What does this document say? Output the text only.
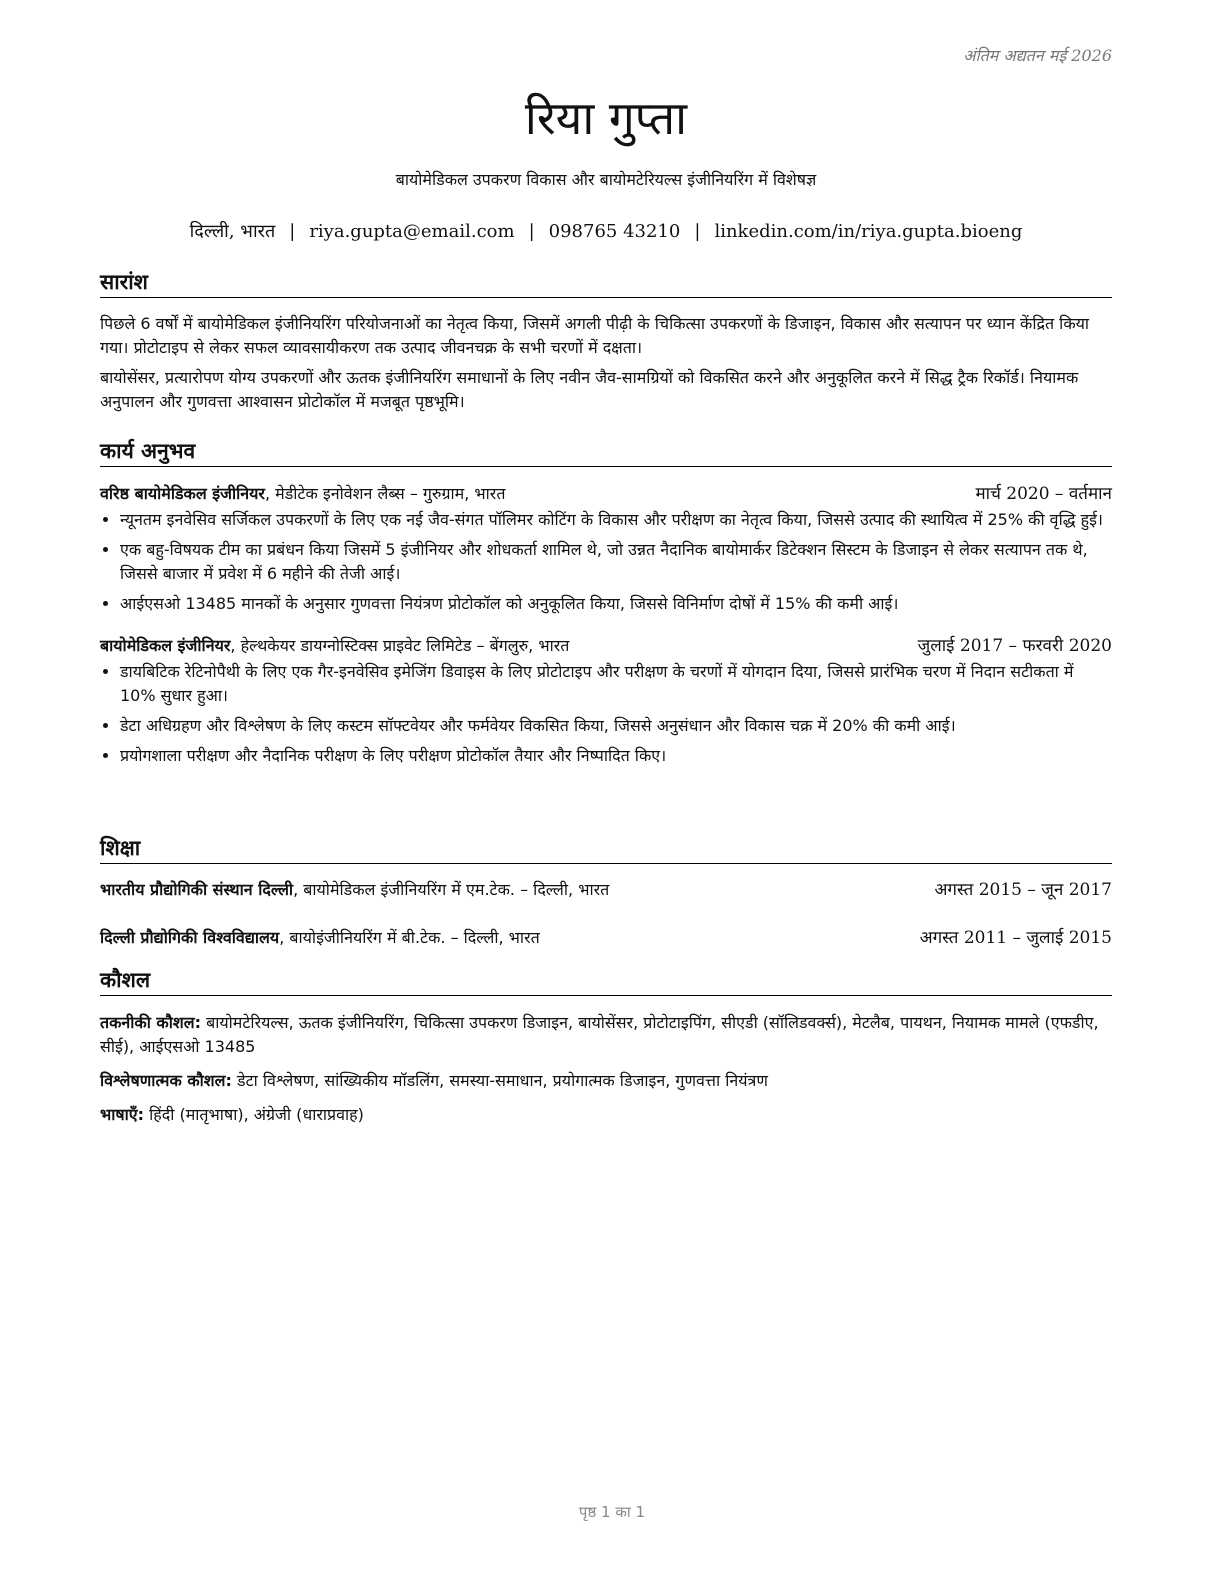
अंतिम अद्यतन मई 2026
रिया गुप्ता
बायोमेडिकल उपकरण विकास और बायोमटेरियल्स इंजीनियरिंग में विशेषज्ञ
दिल्ली, भारत | riya.gupta@email.com | 098765 43210 | linkedin.com/in/riya.gupta.bioeng
सारांश

पिछले 6 वर्षों में बायोमेडिकल इंजीनियरिंग परियोजनाओं का नेतृत्व किया, जिसमें अगली पीढ़ी के चिकित्सा उपकरणों के डिजाइन, विकास और सत्यापन पर ध्यान केंद्रित किया गया। प्रोटोटाइप से लेकर सफल व्यावसायीकरण तक उत्पाद जीवनचक्र के सभी चरणों में दक्षता।

बायोसेंसर, प्रत्यारोपण योग्य उपकरणों और ऊतक इंजीनियरिंग समाधानों के लिए नवीन जैव-सामग्रियों को विकसित करने और अनुकूलित करने में सिद्ध ट्रैक रिकॉर्ड। नियामक अनुपालन और गुणवत्ता आश्वासन प्रोटोकॉल में मजबूत पृष्ठभूमि।

कार्य अनुभव
वरिष्ठ बायोमेडिकल इंजीनियर, मेडीटेक इनोवेशन लैब्स – गुरुग्राम, भारत	मार्च 2020 – वर्तमान
• न्यूनतम इनवेसिव सर्जिकल उपकरणों के लिए एक नई जैव-संगत पॉलिमर कोटिंग के विकास और परीक्षण का नेतृत्व किया, जिससे उत्पाद की स्थायित्व में 25% की वृद्धि हुई।
• एक बहु-विषयक टीम का प्रबंधन किया जिसमें 5 इंजीनियर और शोधकर्ता शामिल थे, जो उन्नत नैदानिक बायोमार्कर डिटेक्शन सिस्टम के डिजाइन से लेकर सत्यापन तक थे, जिससे बाजार में प्रवेश में 6 महीने की तेजी आई।
• आईएसओ 13485 मानकों के अनुसार गुणवत्ता नियंत्रण प्रोटोकॉल को अनुकूलित किया, जिससे विनिर्माण दोषों में 15% की कमी आई।
बायोमेडिकल इंजीनियर, हेल्थकेयर डायग्नोस्टिक्स प्राइवेट लिमिटेड – बेंगलुरु, भारत	जुलाई 2017 – फरवरी 2020
• डायबिटिक रेटिनोपैथी के लिए एक गैर-इनवेसिव इमेजिंग डिवाइस के लिए प्रोटोटाइप और परीक्षण के चरणों में योगदान दिया, जिससे प्रारंभिक चरण में निदान सटीकता में 10% सुधार हुआ।
• डेटा अधिग्रहण और विश्लेषण के लिए कस्टम सॉफ्टवेयर और फर्मवेयर विकसित किया, जिससे अनुसंधान और विकास चक्र में 20% की कमी आई।
• प्रयोगशाला परीक्षण और नैदानिक परीक्षण के लिए परीक्षण प्रोटोकॉल तैयार और निष्पादित किए।
शिक्षा
भारतीय प्रौद्योगिकी संस्थान दिल्ली, बायोमेडिकल इंजीनियरिंग में एम.टेक. – दिल्ली, भारत	अगस्त 2015 – जून 2017
दिल्ली प्रौद्योगिकी विश्वविद्यालय, बायोइंजीनियरिंग में बी.टेक. – दिल्ली, भारत	अगस्त 2011 – जुलाई 2015
कौशल

तकनीकी कौशल: बायोमटेरियल्स, ऊतक इंजीनियरिंग, चिकित्सा उपकरण डिजाइन, बायोसेंसर, प्रोटोटाइपिंग, सीएडी (सॉलिडवर्क्स), मेटलैब, पायथन, नियामक मामले (एफडीए, सीई), आईएसओ 13485

विश्लेषणात्मक कौशल: डेटा विश्लेषण, सांख्यिकीय मॉडलिंग, समस्या-समाधान, प्रयोगात्मक डिजाइन, गुणवत्ता नियंत्रण

भाषाएँ: हिंदी (मातृभाषा), अंग्रेजी (धाराप्रवाह)

पृष्ठ 1 का 1
